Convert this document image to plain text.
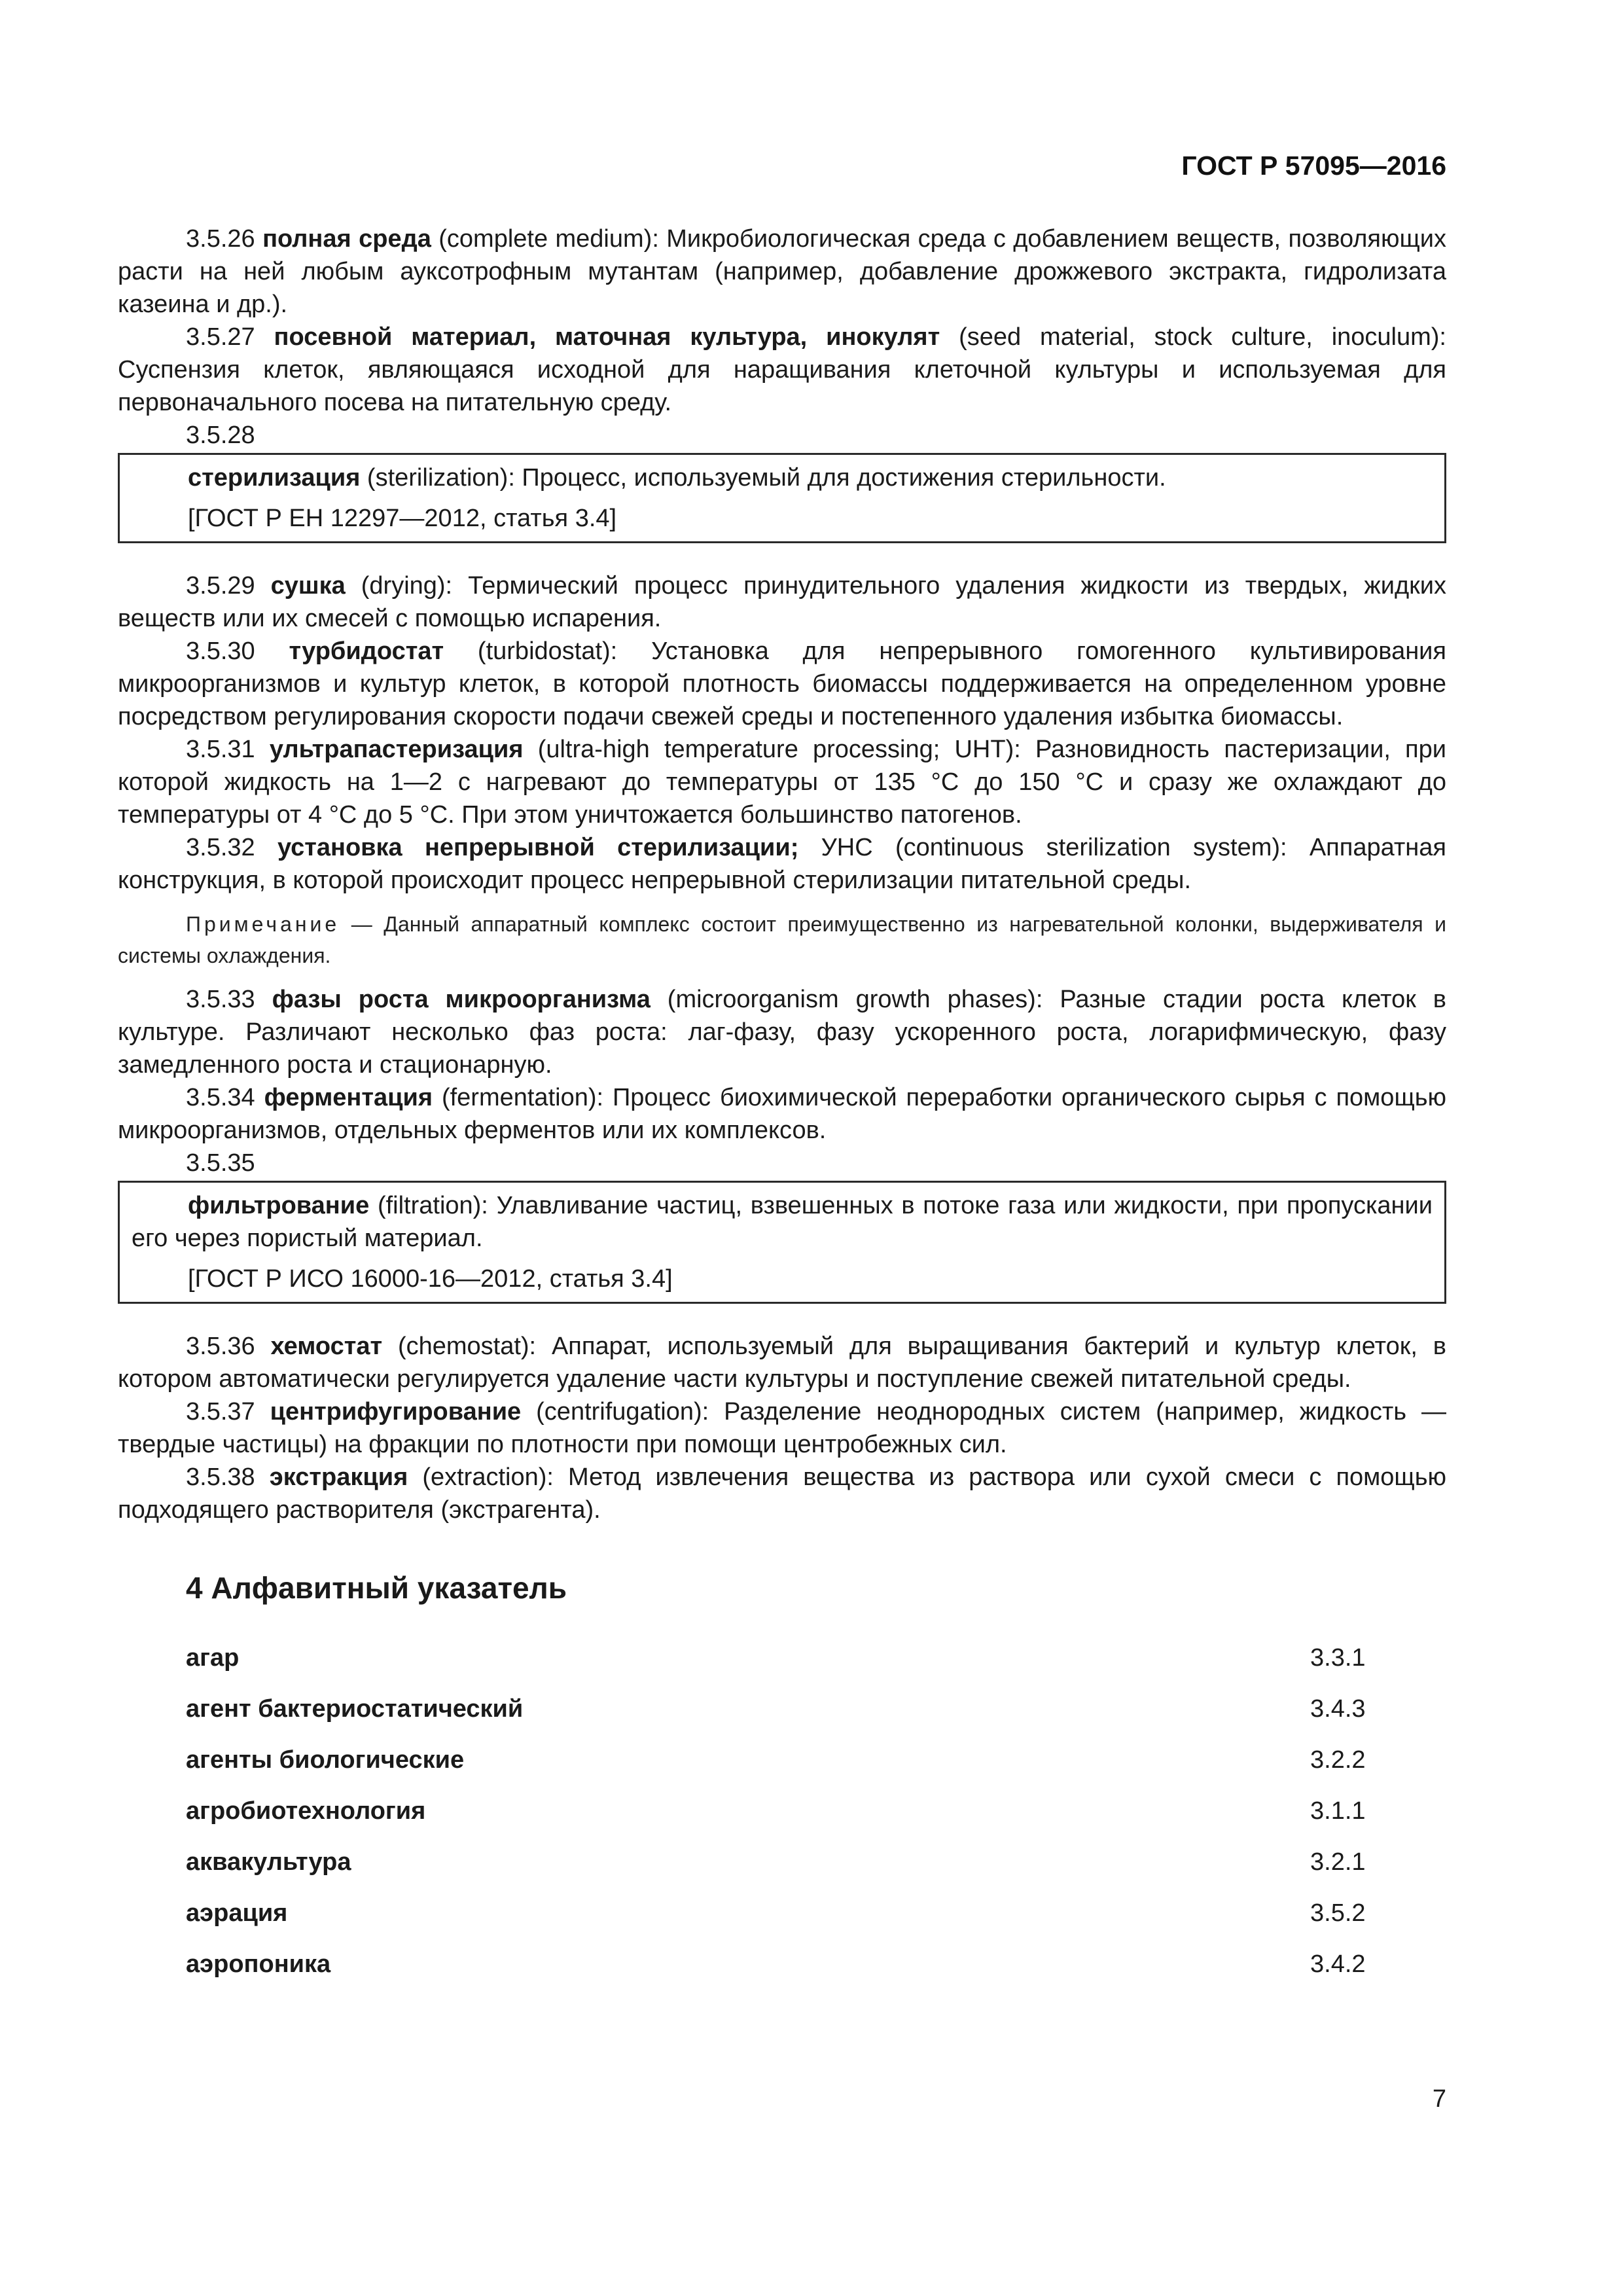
ГОСТ Р 57095—2016

3.5.26 полная среда (complete medium): Микробиологическая среда с добавлением веществ, позволяющих расти на ней любым ауксотрофным мутантам (например, добавление дрожжевого экстракта, гидролизата казеина и др.).

3.5.27 посевной материал, маточная культура, инокулят (seed material, stock culture, inoculum): Суспензия клеток, являющаяся исходной для наращивания клеточной культуры и используемая для первоначального посева на питательную среду.

3.5.28

стерилизация (sterilization): Процесс, используемый для достижения стерильности.

[ГОСТ Р ЕН 12297—2012, статья 3.4]

3.5.29 сушка (drying): Термический процесс принудительного удаления жидкости из твердых, жидких веществ или их смесей с помощью испарения.

3.5.30 турбидостат (turbidostat): Установка для непрерывного гомогенного культивирования микроорганизмов и культур клеток, в которой плотность биомассы поддерживается на определенном уровне посредством регулирования скорости подачи свежей среды и постепенного удаления избытка биомассы.

3.5.31 ультрапастеризация (ultra-high temperature processing; UHT): Разновидность пастеризации, при которой жидкость на 1—2 с нагревают до температуры от 135 °С до 150 °С и сразу же охлаждают до температуры от 4 °С до 5 °С. При этом уничтожается большинство патогенов.

3.5.32 установка непрерывной стерилизации; УНС (continuous sterilization system): Аппаратная конструкция, в которой происходит процесс непрерывной стерилизации питательной среды.

Примечание — Данный аппаратный комплекс состоит преимущественно из нагревательной колонки, выдерживателя и системы охлаждения.

3.5.33 фазы роста микроорганизма (microorganism growth phases): Разные стадии роста клеток в культуре. Различают несколько фаз роста: лаг-фазу, фазу ускоренного роста, логарифмическую, фазу замедленного роста и стационарную.

3.5.34 ферментация (fermentation): Процесс биохимической переработки органического сырья с помощью микроорганизмов, отдельных ферментов или их комплексов.

3.5.35

фильтрование (filtration): Улавливание частиц, взвешенных в потоке газа или жидкости, при пропускании его через пористый материал.

[ГОСТ Р ИСО 16000-16—2012, статья 3.4]

3.5.36 хемостат (chemostat): Аппарат, используемый для выращивания бактерий и культур клеток, в котором автоматически регулируется удаление части культуры и поступление свежей питательной среды.

3.5.37 центрифугирование (centrifugation): Разделение неоднородных систем (например, жидкость — твердые частицы) на фракции по плотности при помощи центробежных сил.

3.5.38 экстракция (extraction): Метод извлечения вещества из раствора или сухой смеси с помощью подходящего растворителя (экстрагента).

4 Алфавитный указатель
агар	3.3.1
агент бактериостатический	3.4.3
агенты биологические	3.2.2
агробиотехнология	3.1.1
аквакультура	3.2.1
аэрация	3.5.2
аэропоника	3.4.2
7
